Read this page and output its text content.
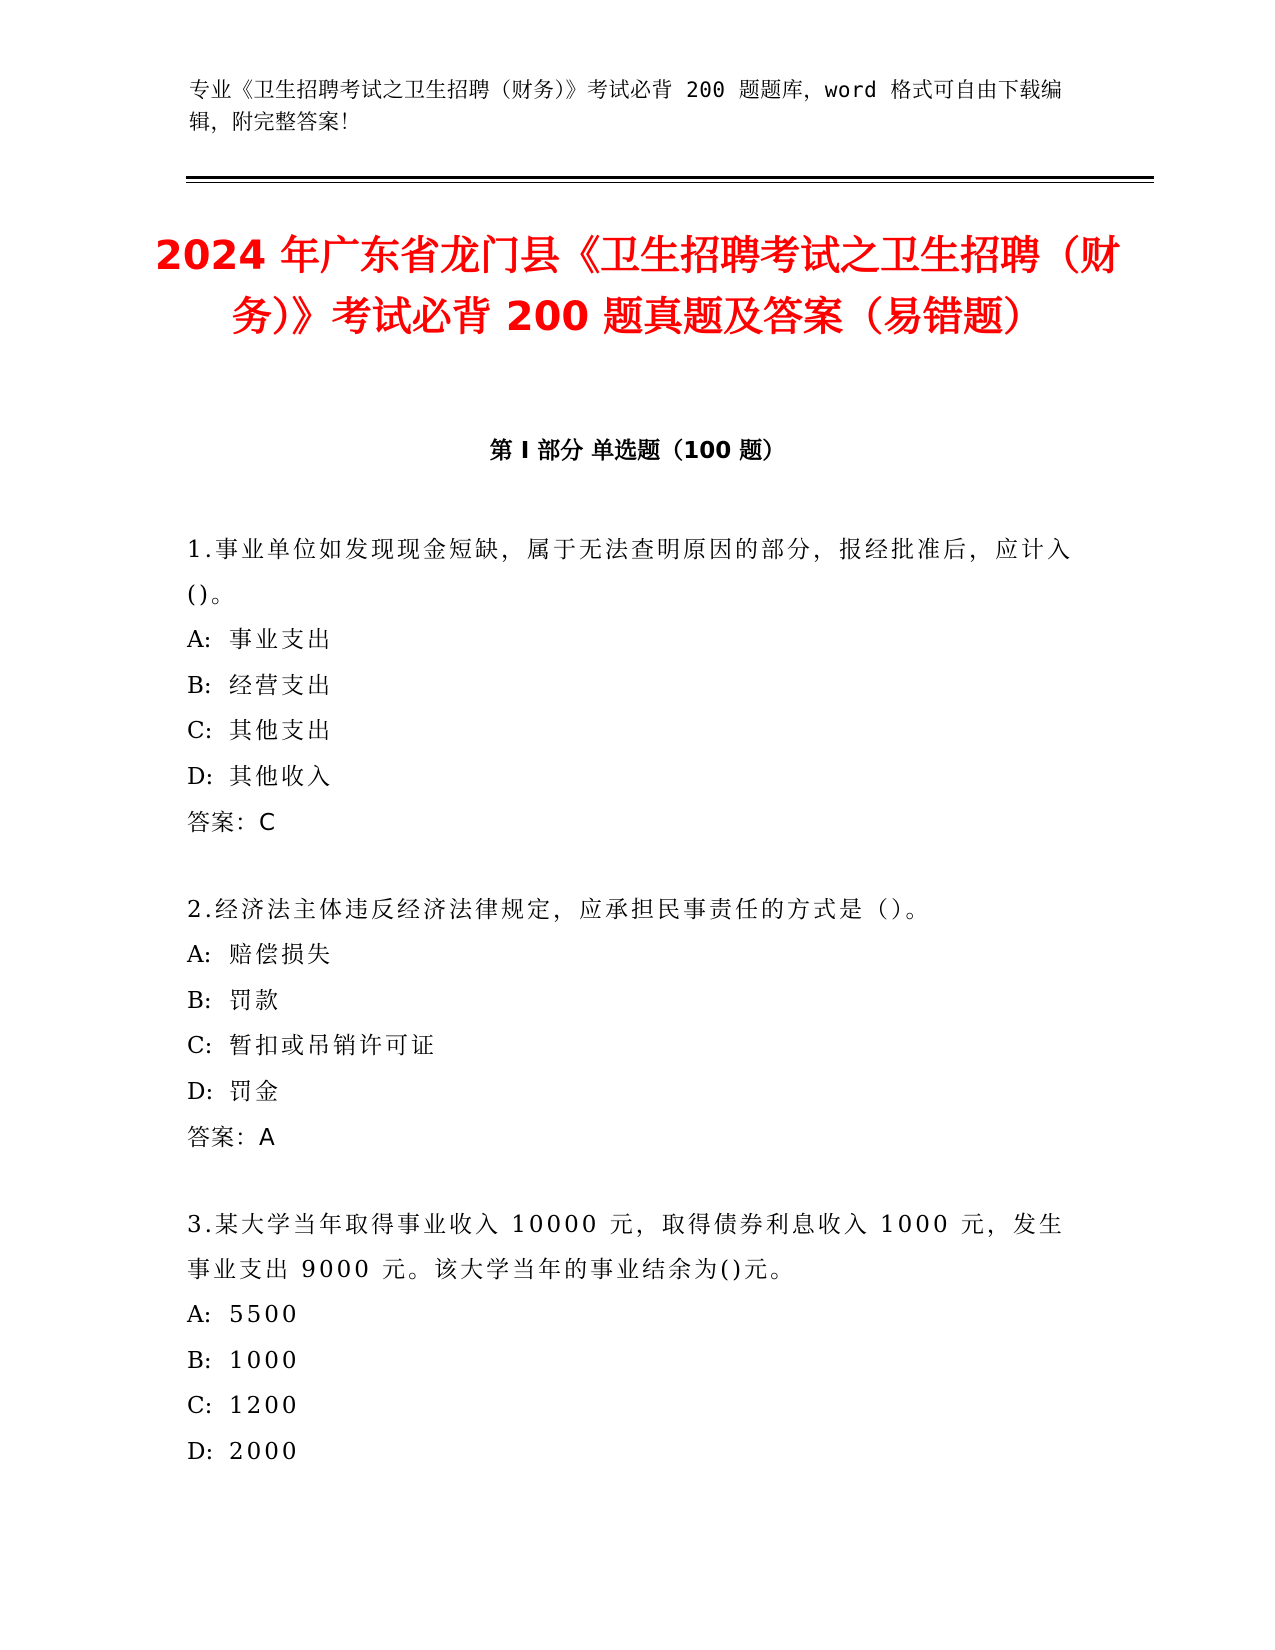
专业《卫生招聘考试之卫生招聘（财务）》考试必背 200 题题库，word 格式可自由下载编辑，附完整答案！
2024 年广东省龙门县《卫生招聘考试之卫生招聘（财务）》考试必背 200 题真题及答案（易错题）
第 I 部分 单选题（100 题）
1.事业单位如发现现金短缺，属于无法查明原因的部分，报经批准后，应计入()。
A: 事业支出
B: 经营支出
C: 其他支出
D: 其他收入
答案：C
2.经济法主体违反经济法律规定，应承担民事责任的方式是（）。
A: 赔偿损失
B: 罚款
C: 暂扣或吊销许可证
D: 罚金
答案：A
3.某大学当年取得事业收入 10000 元，取得债券利息收入 1000 元，发生事业支出 9000 元。该大学当年的事业结余为()元。
A: 5500
B: 1000
C: 1200
D: 2000
